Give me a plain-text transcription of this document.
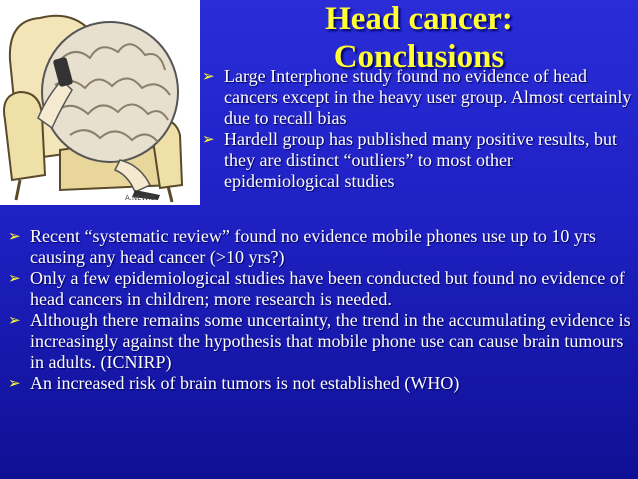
A.NEWIS
Head cancer:
Conclusions
➢ Large Interphone study found no evidence of head cancers except in the heavy user group. Almost certainly due to recall bias
➢ Hardell group has published many positive results, but they are distinct “outliers” to most other epidemiological studies
➢ Recent “systematic review” found no evidence mobile phones use up to 10 yrs causing any head cancer (>10 yrs?)
➢ Only a few epidemiological studies have been conducted but found no evidence of head cancers in children; more research is needed.
➢ Although there remains some uncertainty, the trend in the accumulating evidence is increasingly against the hypothesis that mobile phone use can cause brain tumours in adults. (ICNIRP)
➢ An increased risk of brain tumors is not established (WHO)
